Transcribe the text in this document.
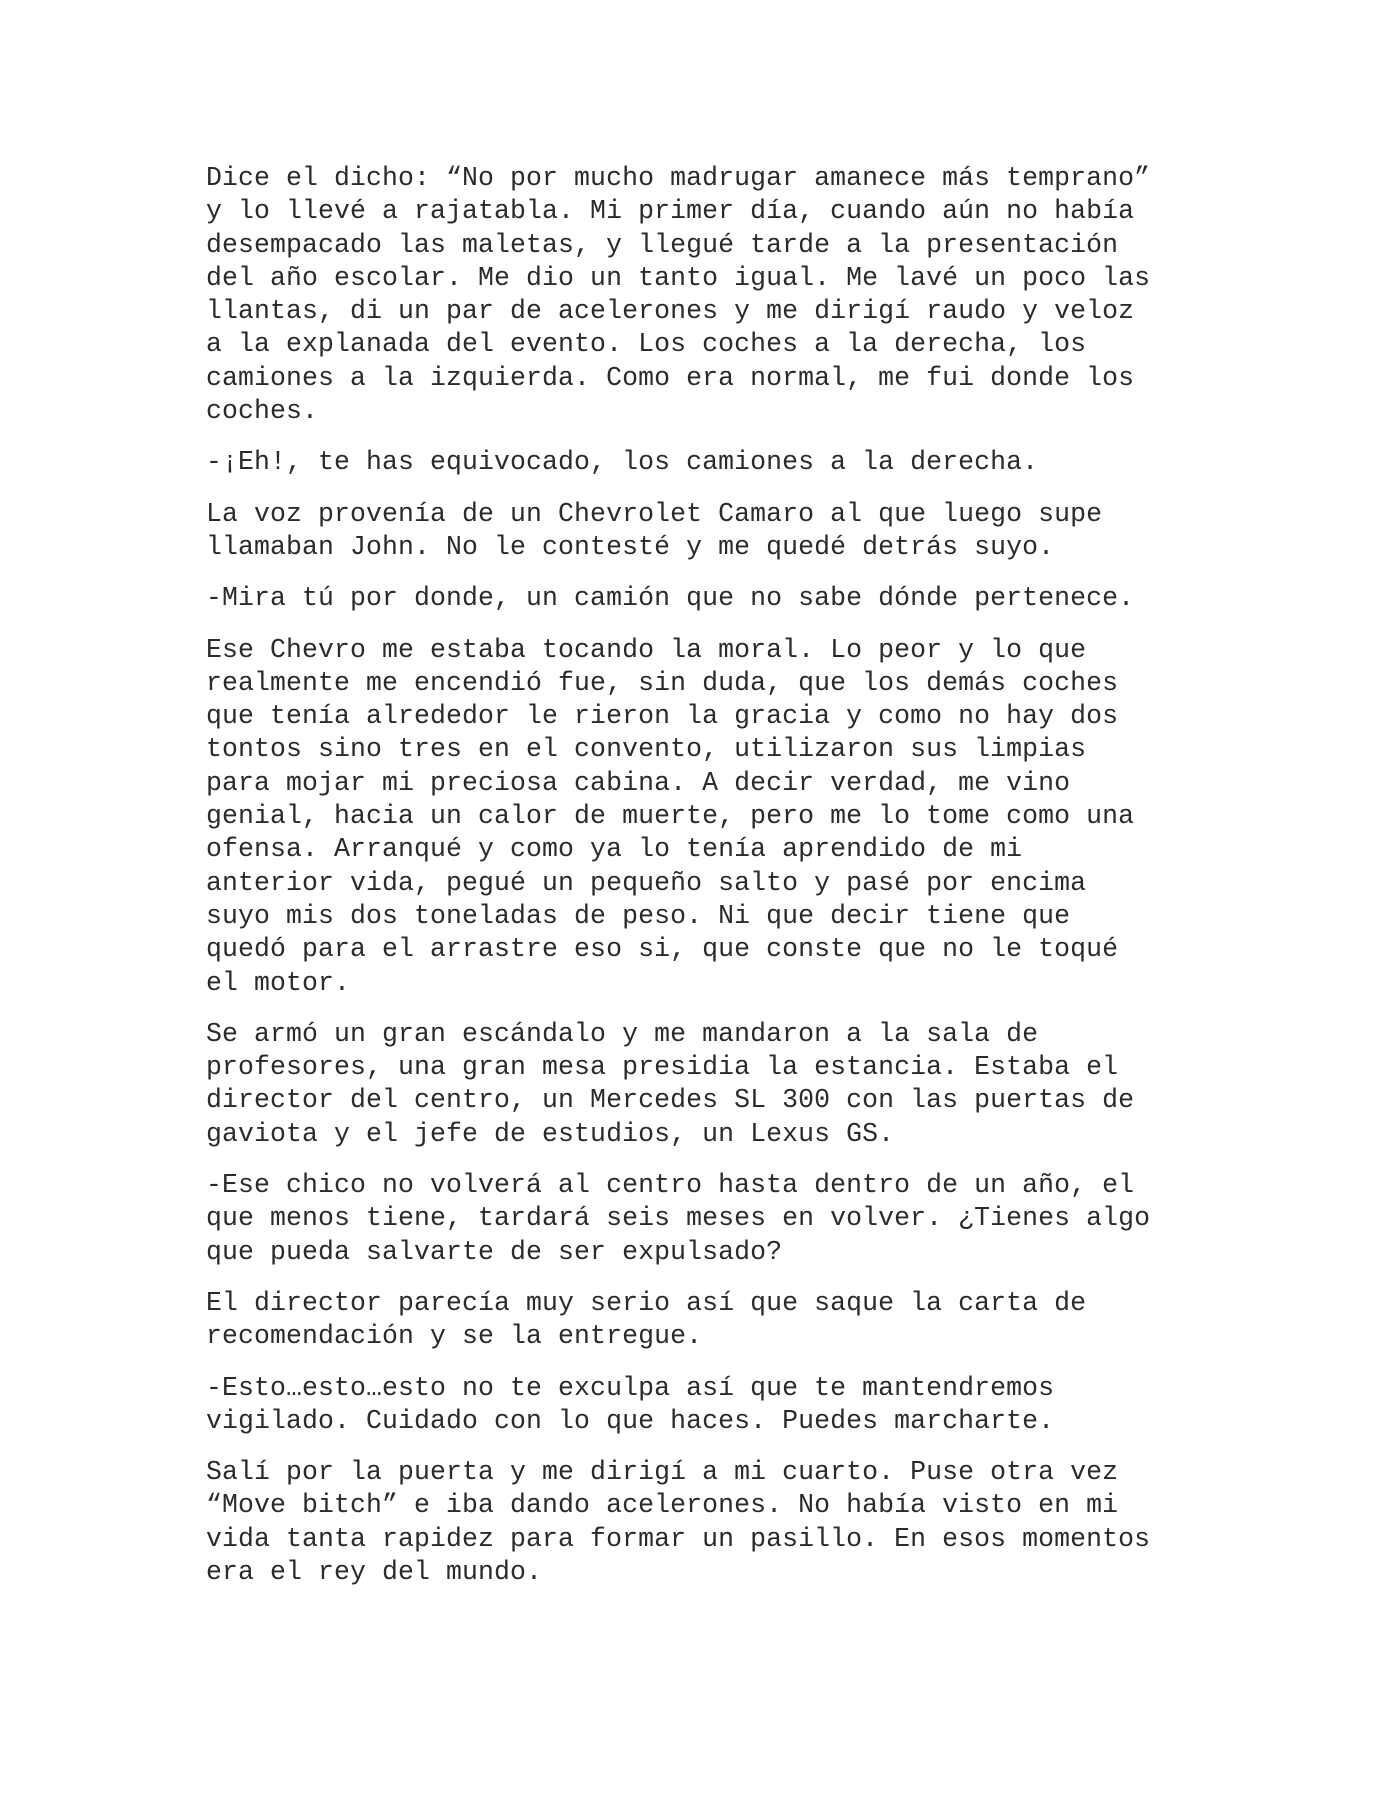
Dice el dicho: “No por mucho madrugar amanece más temprano”
y lo llevé a rajatabla. Mi primer día, cuando aún no había
desempacado las maletas, y llegué tarde a la presentación
del año escolar. Me dio un tanto igual. Me lavé un poco las
llantas, di un par de acelerones y me dirigí raudo y veloz
a la explanada del evento. Los coches a la derecha, los
camiones a la izquierda. Como era normal, me fui donde los
coches.
-¡Eh!, te has equivocado, los camiones a la derecha.
La voz provenía de un Chevrolet Camaro al que luego supe
llamaban John. No le contesté y me quedé detrás suyo.
-Mira tú por donde, un camión que no sabe dónde pertenece.
Ese Chevro me estaba tocando la moral. Lo peor y lo que
realmente me encendió fue, sin duda, que los demás coches
que tenía alrededor le rieron la gracia y como no hay dos
tontos sino tres en el convento, utilizaron sus limpias
para mojar mi preciosa cabina. A decir verdad, me vino
genial, hacia un calor de muerte, pero me lo tome como una
ofensa. Arranqué y como ya lo tenía aprendido de mi
anterior vida, pegué un pequeño salto y pasé por encima
suyo mis dos toneladas de peso. Ni que decir tiene que
quedó para el arrastre eso si, que conste que no le toqué
el motor.
Se armó un gran escándalo y me mandaron a la sala de
profesores, una gran mesa presidia la estancia. Estaba el
director del centro, un Mercedes SL 300 con las puertas de
gaviota y el jefe de estudios, un Lexus GS.
-Ese chico no volverá al centro hasta dentro de un año, el
que menos tiene, tardará seis meses en volver. ¿Tienes algo
que pueda salvarte de ser expulsado?
El director parecía muy serio así que saque la carta de
recomendación y se la entregue.
-Esto…esto…esto no te exculpa así que te mantendremos
vigilado. Cuidado con lo que haces. Puedes marcharte.
Salí por la puerta y me dirigí a mi cuarto. Puse otra vez
“Move bitch” e iba dando acelerones. No había visto en mi
vida tanta rapidez para formar un pasillo. En esos momentos
era el rey del mundo.
